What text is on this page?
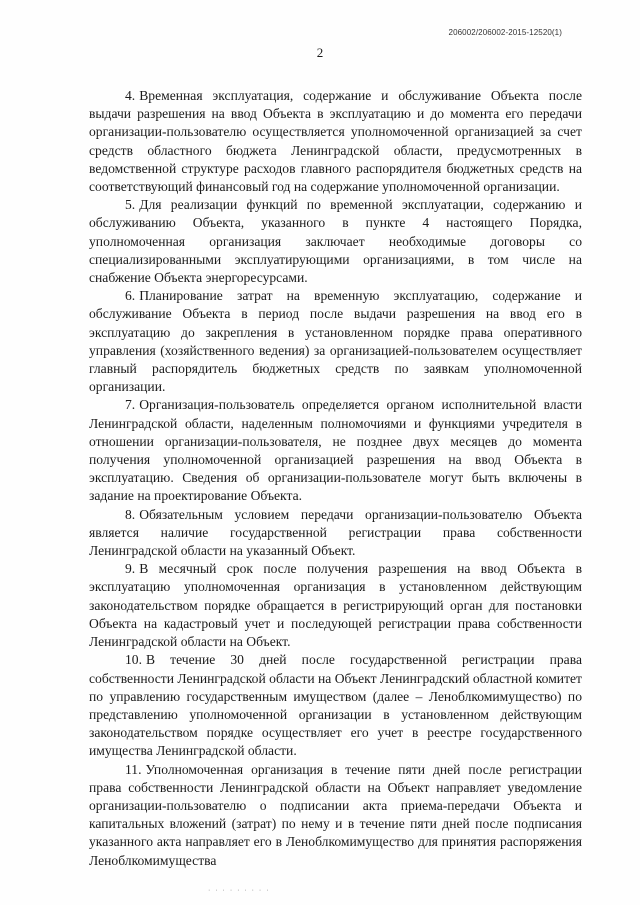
206002/206002-2015-12520(1)
2

4. Временная эксплуатация, содержание и обслуживание Объекта после выдачи разрешения на ввод Объекта в эксплуатацию и до момента его передачи организации-пользователю осуществляется уполномоченной организацией за счет средств областного бюджета Ленинградской области, предусмотренных в ведомственной структуре расходов главного распорядителя бюджетных средств на соответствующий финансовый год на содержание уполномоченной организации.

5. Для реализации функций по временной эксплуатации, содержанию и обслуживанию Объекта, указанного в пункте 4 настоящего Порядка, уполномоченная организация заключает необходимые договоры со специализированными эксплуатирующими организациями, в том числе на снабжение Объекта энергоресурсами.

6. Планирование затрат на временную эксплуатацию, содержание и обслуживание Объекта в период после выдачи разрешения на ввод его в эксплуатацию до закрепления в установленном порядке права оперативного управления (хозяйственного ведения) за организацией-пользователем осуществляет главный распорядитель бюджетных средств по заявкам уполномоченной организации.

7. Организация-пользователь определяется органом исполнительной власти Ленинградской области, наделенным полномочиями и функциями учредителя в отношении организации-пользователя, не позднее двух месяцев до момента получения уполномоченной организацией разрешения на ввод Объекта в эксплуатацию. Сведения об организации-пользователе могут быть включены в задание на проектирование Объекта.

8. Обязательным условием передачи организации-пользователю Объекта является наличие государственной регистрации права собственности Ленинградской области на указанный Объект.

9. В месячный срок после получения разрешения на ввод Объекта в эксплуатацию уполномоченная организация в установленном действующим законодательством порядке обращается в регистрирующий орган для постановки Объекта на кадастровый учет и последующей регистрации права собственности Ленинградской области на Объект.

10. В течение 30 дней после государственной регистрации права собственности Ленинградской области на Объект Ленинградский областной комитет по управлению государственным имуществом (далее – Леноблкомимущество) по представлению уполномоченной организации в установленном действующим законодательством порядке осуществляет его учет в реестре государственного имущества Ленинградской области.

11. Уполномоченная организация в течение пяти дней после регистрации права собственности Ленинградской области на Объект направляет уведомление организации-пользователю о подписании акта приема-передачи Объекта и капитальных вложений (затрат) по нему и в течение пяти дней после подписания указанного акта направляет его в Леноблкомимущество для принятия распоряжения Леноблкомимущества

· · · · · · · · ·
